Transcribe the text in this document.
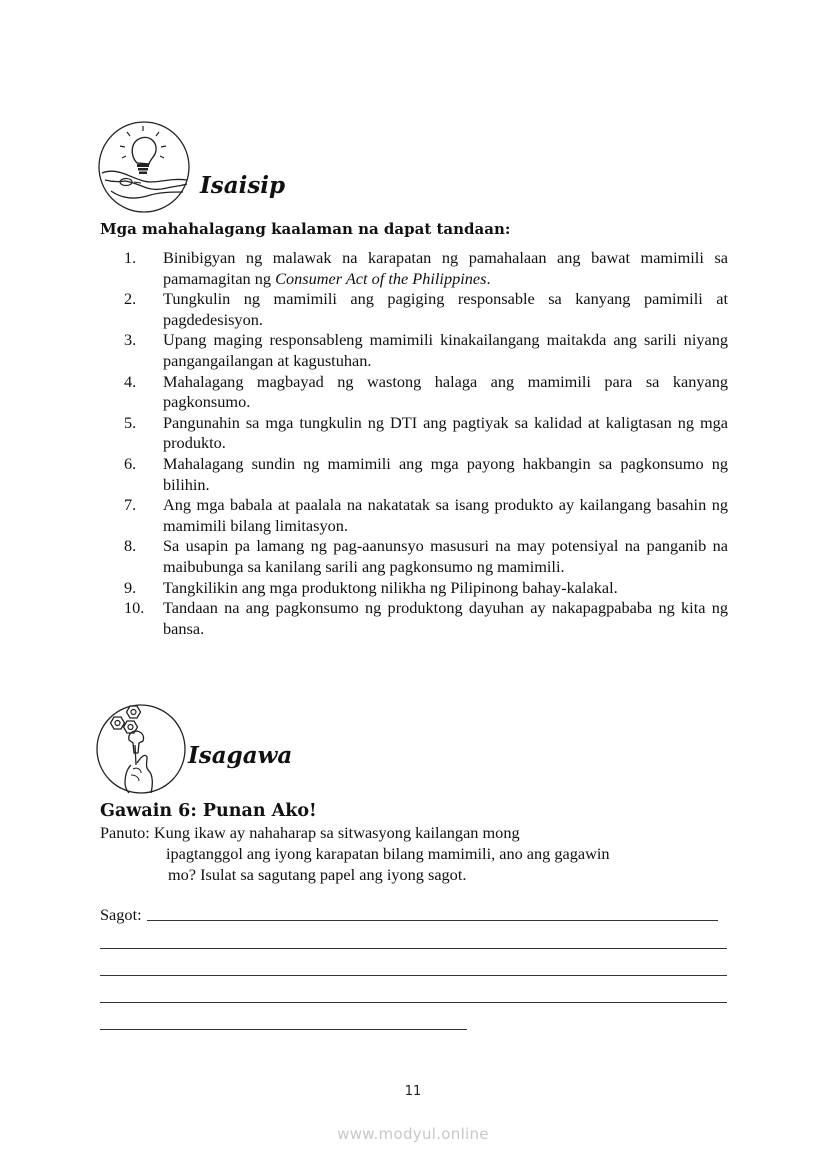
Isaisip
Mga mahahalagang kaalaman na dapat tandaan:
1. Binibigyan ng malawak na karapatan ng pamahalaan ang bawat mamimili sa pamamagitan ng Consumer Act of the Philippines.
2. Tungkulin ng mamimili ang pagiging responsable sa kanyang pamimili at pagdedesisyon.
3. Upang maging responsableng mamimili kinakailangang maitakda ang sarili niyang pangangailangan at kagustuhan.
4. Mahalagang magbayad ng wastong halaga ang mamimili para sa kanyang pagkonsumo.
5. Pangunahin sa mga tungkulin ng DTI ang pagtiyak sa kalidad at kaligtasan ng mga produkto.
6. Mahalagang sundin ng mamimili ang mga payong hakbangin sa pagkonsumo ng bilihin.
7. Ang mga babala at paalala na nakatatak sa isang produkto ay kailangang basahin ng mamimili bilang limitasyon.
8. Sa usapin pa lamang ng pag-aanunsyo masusuri na may potensiyal na panganib na maibubunga sa kanilang sarili ang pagkonsumo ng mamimili.
9. Tangkilikin ang mga produktong nilikha ng Pilipinong bahay-kalakal.
10. Tandaan na ang pagkonsumo ng produktong dayuhan ay nakapagpababa ng kita ng bansa.
Isagawa
Gawain 6: Punan Ako!
Panuto: Kung ikaw ay nahaharap sa sitwasyong kailangan mong
ipagtanggol ang iyong karapatan bilang mamimili, ano ang gagawin
mo? Isulat sa sagutang papel ang iyong sagot.
Sagot:
11
www.modyul.online
